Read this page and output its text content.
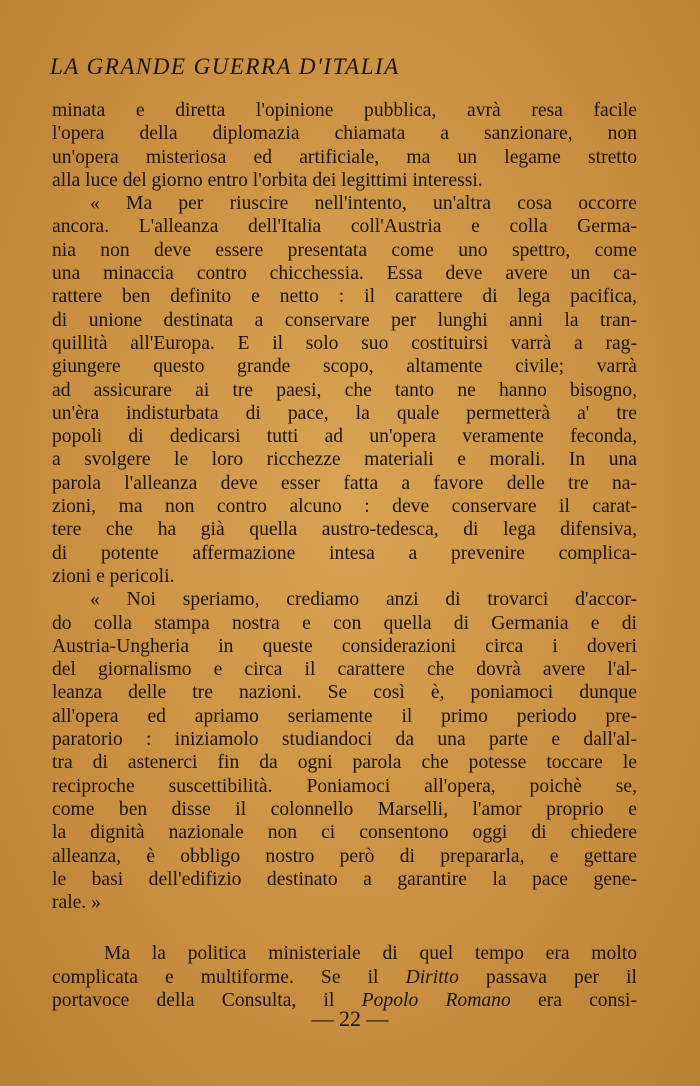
LA GRANDE GUERRA D'ITALIA
minata e diretta l'opinione pubblica, avrà resa facile
l'opera della diplomazia chiamata a sanzionare, non
un'opera misteriosa ed artificiale, ma un legame stretto
alla luce del giorno entro l'orbita dei legittimi interessi.
« Ma per riuscire nell'intento, un'altra cosa occorre
ancora. L'alleanza dell'Italia coll'Austria e colla Germa-
nia non deve essere presentata come uno spettro, come
una minaccia contro chicchessia. Essa deve avere un ca-
rattere ben definito e netto : il carattere di lega pacifica,
di unione destinata a conservare per lunghi anni la tran-
quillità all'Europa. E il solo suo costituirsi varrà a rag-
giungere questo grande scopo, altamente civile; varrà
ad assicurare ai tre paesi, che tanto ne hanno bisogno,
un'èra indisturbata di pace, la quale permetterà a' tre
popoli di dedicarsi tutti ad un'opera veramente feconda,
a svolgere le loro ricchezze materiali e morali. In una
parola l'alleanza deve esser fatta a favore delle tre na-
zioni, ma non contro alcuno : deve conservare il carat-
tere che ha già quella austro-tedesca, di lega difensiva,
di potente affermazione intesa a prevenire complica-
zioni e pericoli.
« Noi speriamo, crediamo anzi di trovarci d'accor-
do colla stampa nostra e con quella di Germania e di
Austria-Ungheria in queste considerazioni circa i doveri
del giornalismo e circa il carattere che dovrà avere l'al-
leanza delle tre nazioni. Se così è, poniamoci dunque
all'opera ed apriamo seriamente il primo periodo pre-
paratorio : iniziamolo studiandoci da una parte e dall'al-
tra di astenerci fin da ogni parola che potesse toccare le
reciproche suscettibilità. Poniamoci all'opera, poichè se,
come ben disse il colonnello Marselli, l'amor proprio e
la dignità nazionale non ci consentono oggi di chiedere
alleanza, è obbligo nostro però di prepararla, e gettare
le basi dell'edifizio destinato a garantire la pace gene-
rale. »
Ma la politica ministeriale di quel tempo era molto
complicata e multiforme. Se il Diritto passava per il
portavoce della Consulta, il Popolo Romano era consi-
— 22 —
